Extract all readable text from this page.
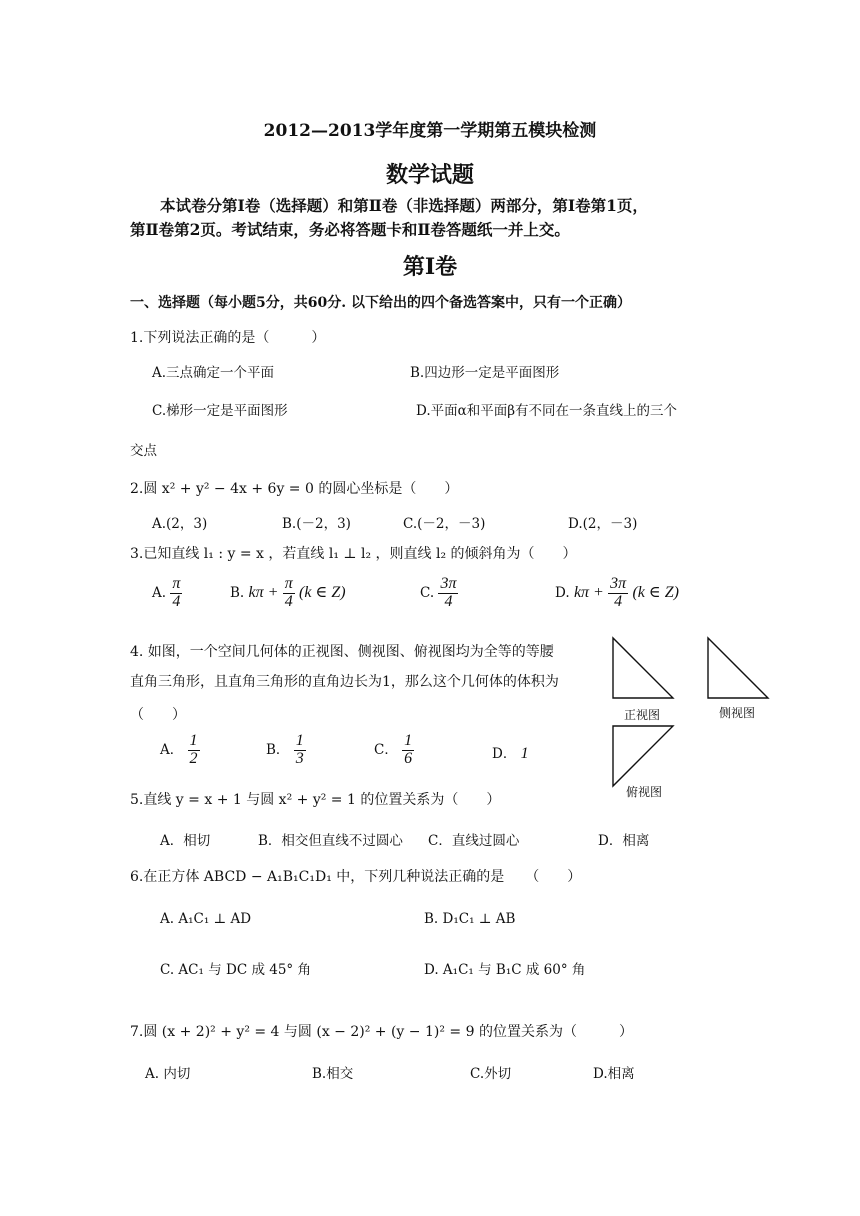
2012—2013学年度第一学期第五模块检测
数学试题
本试卷分第Ⅰ卷（选择题）和第Ⅱ卷（非选择题）两部分，第Ⅰ卷第1页，
第Ⅱ卷第2页。考试结束，务必将答题卡和Ⅱ卷答题纸一并上交。
第Ⅰ卷
一、选择题（每小题5分，共60分. 以下给出的四个备选答案中，只有一个正确）
1.下列说法正确的是（　　　）
A.三点确定一个平面	B.四边形一定是平面图形
C.梯形一定是平面图形	D.平面α和平面β有不同在一条直线上的三个
交点
2.圆 x² + y² − 4x + 6y = 0 的圆心坐标是（　　）
A.(2，3)	B.(－2，3)	C.(－2，－3)	D.(2，－3)
3.已知直线 l₁ : y = x ，若直线 l₁ ⊥ l₂ ，则直线 l₂ 的倾斜角为（　　）
A. $\frac{\pi}{4}$	B. $k\pi + \frac{\pi}{4} (k$ ∈ Z)	C. $\frac{3\pi}{4}$	D. $k\pi + \frac{3\pi}{4} (k$ ∈ Z)
4. 如图，一个空间几何体的正视图、侧视图、俯视图均为全等的等腰
直角三角形，且直角三角形的直角边长为1，那么这个几何体的体积为
（　　）
A． $\frac{1}{2}$	B． $\frac{1}{3}$	C． $\frac{1}{6}$	D． 1
正视图	侧视图
俯视图
5.直线 y = x + 1 与圆 x² + y² = 1 的位置关系为（　　）
A．相切	B．相交但直线不过圆心 C．直线过圆心	D．相离
6.在正方体 ABCD − A₁B₁C₁D₁ 中，下列几种说法正确的是　　（　　）
A. A₁C₁ ⊥ AD	B. D₁C₁ ⊥ AB
C. AC₁ 与 DC 成 45° 角	D. A₁C₁ 与 B₁C 成 60° 角
7.圆 (x + 2)² + y² = 4 与圆 (x − 2)² + (y − 1)² = 9 的位置关系为（　　　）
A. 内切	B.相交	C.外切	D.相离
